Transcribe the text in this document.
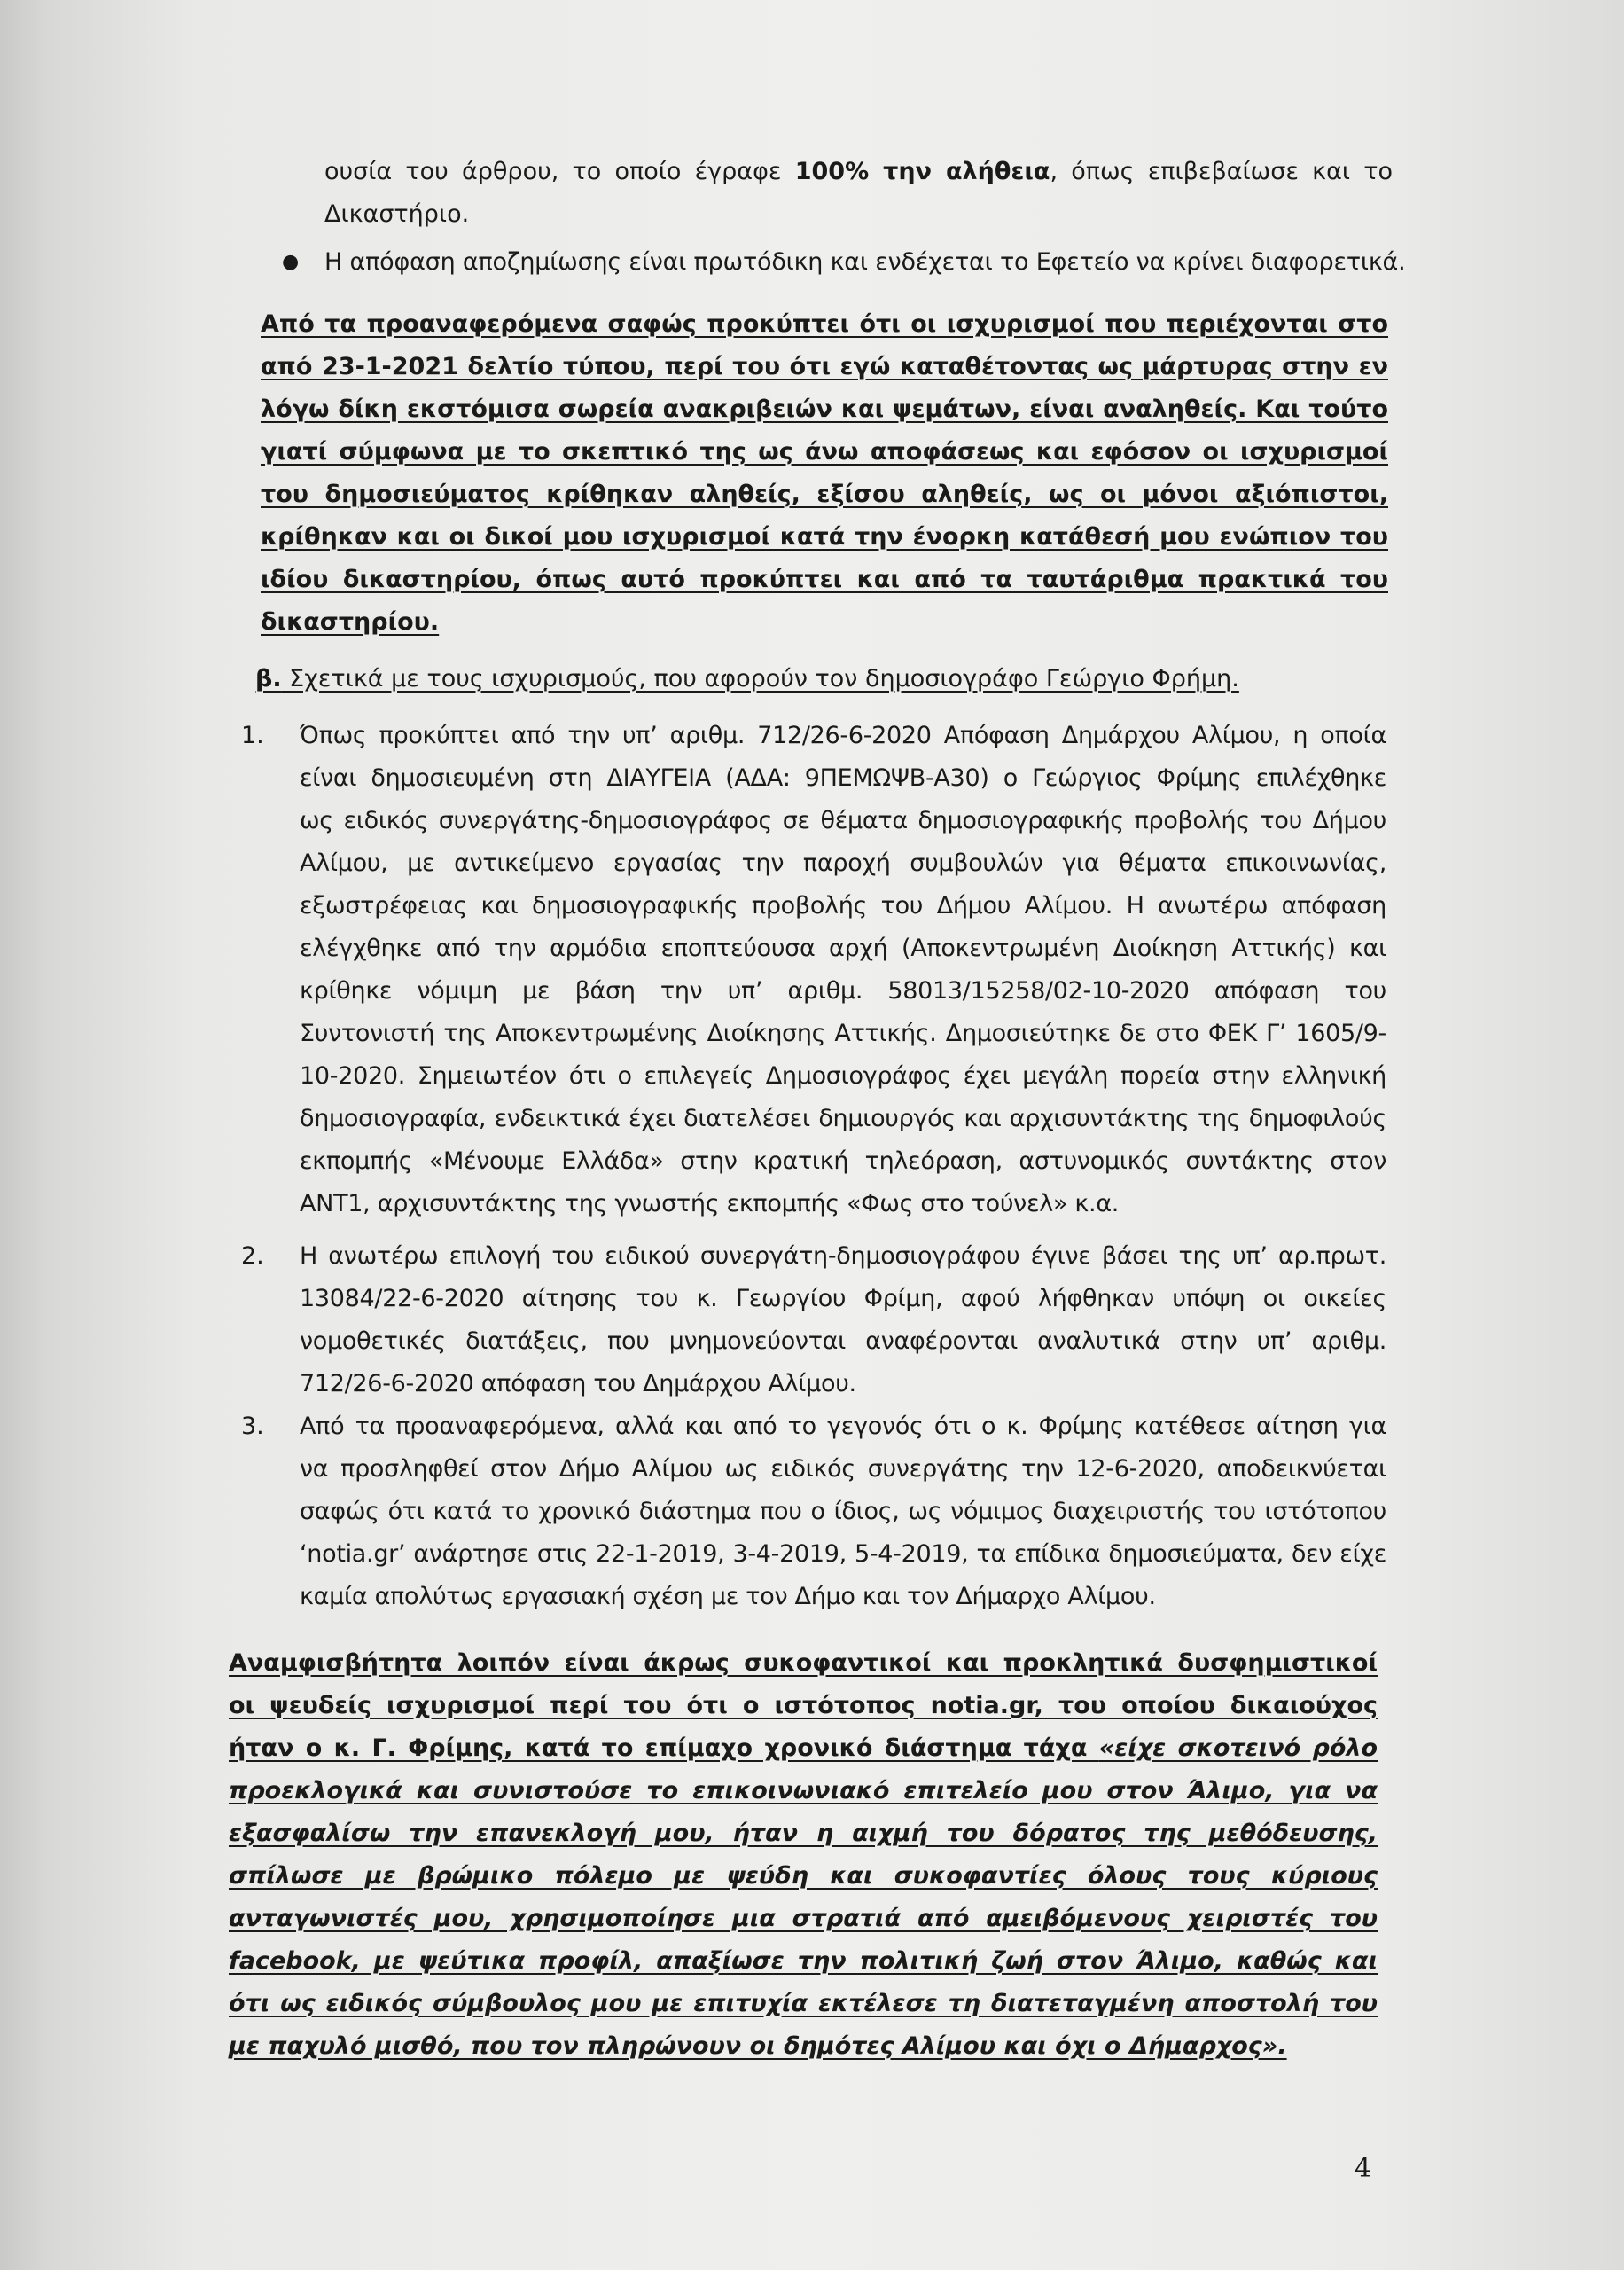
ουσία του άρθρου, το οποίο έγραφε 100% την αλήθεια, όπως επιβεβαίωσε και το
Δικαστήριο.
● Η απόφαση αποζημίωσης είναι πρωτόδικη και ενδέχεται το Εφετείο να κρίνει διαφορετικά.
Από τα προαναφερόμενα σαφώς προκύπτει ότι οι ισχυρισμοί που περιέχονται στο
από 23-1-2021 δελτίο τύπου, περί του ότι εγώ καταθέτοντας ως μάρτυρας στην εν
λόγω δίκη εκστόμισα σωρεία ανακριβειών και ψεμάτων, είναι αναληθείς. Και τούτο
γιατί σύμφωνα με το σκεπτικό της ως άνω αποφάσεως και εφόσον οι ισχυρισμοί
του δημοσιεύματος κρίθηκαν αληθείς, εξίσου αληθείς, ως οι μόνοι αξιόπιστοι,
κρίθηκαν και οι δικοί μου ισχυρισμοί κατά την ένορκη κατάθεσή μου ενώπιον του
ιδίου δικαστηρίου, όπως αυτό προκύπτει και από τα ταυτάριθμα πρακτικά του
δικαστηρίου.
β. Σχετικά με τους ισχυρισμούς, που αφορούν τον δημοσιογράφο Γεώργιο Φρήμη.
1. Όπως προκύπτει από την υπ’ αριθμ. 712/26-6-2020 Απόφαση Δημάρχου Αλίμου, η οποία
είναι δημοσιευμένη στη ΔΙΑΥΓΕΙΑ (ΑΔΑ: 9ΠΕΜΩΨΒ-Α30) ο Γεώργιος Φρίμης επιλέχθηκε
ως ειδικός συνεργάτης-δημοσιογράφος σε θέματα δημοσιογραφικής προβολής του Δήμου
Αλίμου, με αντικείμενο εργασίας την παροχή συμβουλών για θέματα επικοινωνίας,
εξωστρέφειας και δημοσιογραφικής προβολής του Δήμου Αλίμου. Η ανωτέρω απόφαση
ελέγχθηκε από την αρμόδια εποπτεύουσα αρχή (Αποκεντρωμένη Διοίκηση Αττικής) και
κρίθηκε νόμιμη με βάση την υπ’ αριθμ. 58013/15258/02-10-2020 απόφαση του
Συντονιστή της Αποκεντρωμένης Διοίκησης Αττικής. Δημοσιεύτηκε δε στο ΦΕΚ Γ’ 1605/9-
10-2020. Σημειωτέον ότι ο επιλεγείς Δημοσιογράφος έχει μεγάλη πορεία στην ελληνική
δημοσιογραφία, ενδεικτικά έχει διατελέσει δημιουργός και αρχισυντάκτης της δημοφιλούς
εκπομπής «Μένουμε Ελλάδα» στην κρατική τηλεόραση, αστυνομικός συντάκτης στον
ΑΝΤ1, αρχισυντάκτης της γνωστής εκπομπής «Φως στο τούνελ» κ.α.
2. Η ανωτέρω επιλογή του ειδικού συνεργάτη-δημοσιογράφου έγινε βάσει της υπ’ αρ.πρωτ.
13084/22-6-2020 αίτησης του κ. Γεωργίου Φρίμη, αφού λήφθηκαν υπόψη οι οικείες
νομοθετικές διατάξεις, που μνημονεύονται αναφέρονται αναλυτικά στην υπ’ αριθμ.
712/26-6-2020 απόφαση του Δημάρχου Αλίμου.
3. Από τα προαναφερόμενα, αλλά και από το γεγονός ότι ο κ. Φρίμης κατέθεσε αίτηση για
να προσληφθεί στον Δήμο Αλίμου ως ειδικός συνεργάτης την 12-6-2020, αποδεικνύεται
σαφώς ότι κατά το χρονικό διάστημα που ο ίδιος, ως νόμιμος διαχειριστής του ιστότοπου
‘notia.gr’ ανάρτησε στις 22-1-2019, 3-4-2019, 5-4-2019, τα επίδικα δημοσιεύματα, δεν είχε
καμία απολύτως εργασιακή σχέση με τον Δήμο και τον Δήμαρχο Αλίμου.
Αναμφισβήτητα λοιπόν είναι άκρως συκοφαντικοί και προκλητικά δυσφημιστικοί
οι ψευδείς ισχυρισμοί περί του ότι ο ιστότοπος notia.gr, του οποίου δικαιούχος
ήταν ο κ. Γ. Φρίμης, κατά το επίμαχο χρονικό διάστημα τάχα «είχε σκοτεινό ρόλο
προεκλογικά και συνιστούσε το επικοινωνιακό επιτελείο μου στον Άλιμο, για να
εξασφαλίσω την επανεκλογή μου, ήταν η αιχμή του δόρατος της μεθόδευσης,
σπίλωσε με βρώμικο πόλεμο με ψεύδη και συκοφαντίες όλους τους κύριους
ανταγωνιστές μου, χρησιμοποίησε μια στρατιά από αμειβόμενους χειριστές του
facebook, με ψεύτικα προφίλ, απαξίωσε την πολιτική ζωή στον Άλιμο, καθώς και
ότι ως ειδικός σύμβουλος μου με επιτυχία εκτέλεσε τη διατεταγμένη αποστολή του
με παχυλό μισθό, που τον πληρώνουν οι δημότες Αλίμου και όχι ο Δήμαρχος».
4
